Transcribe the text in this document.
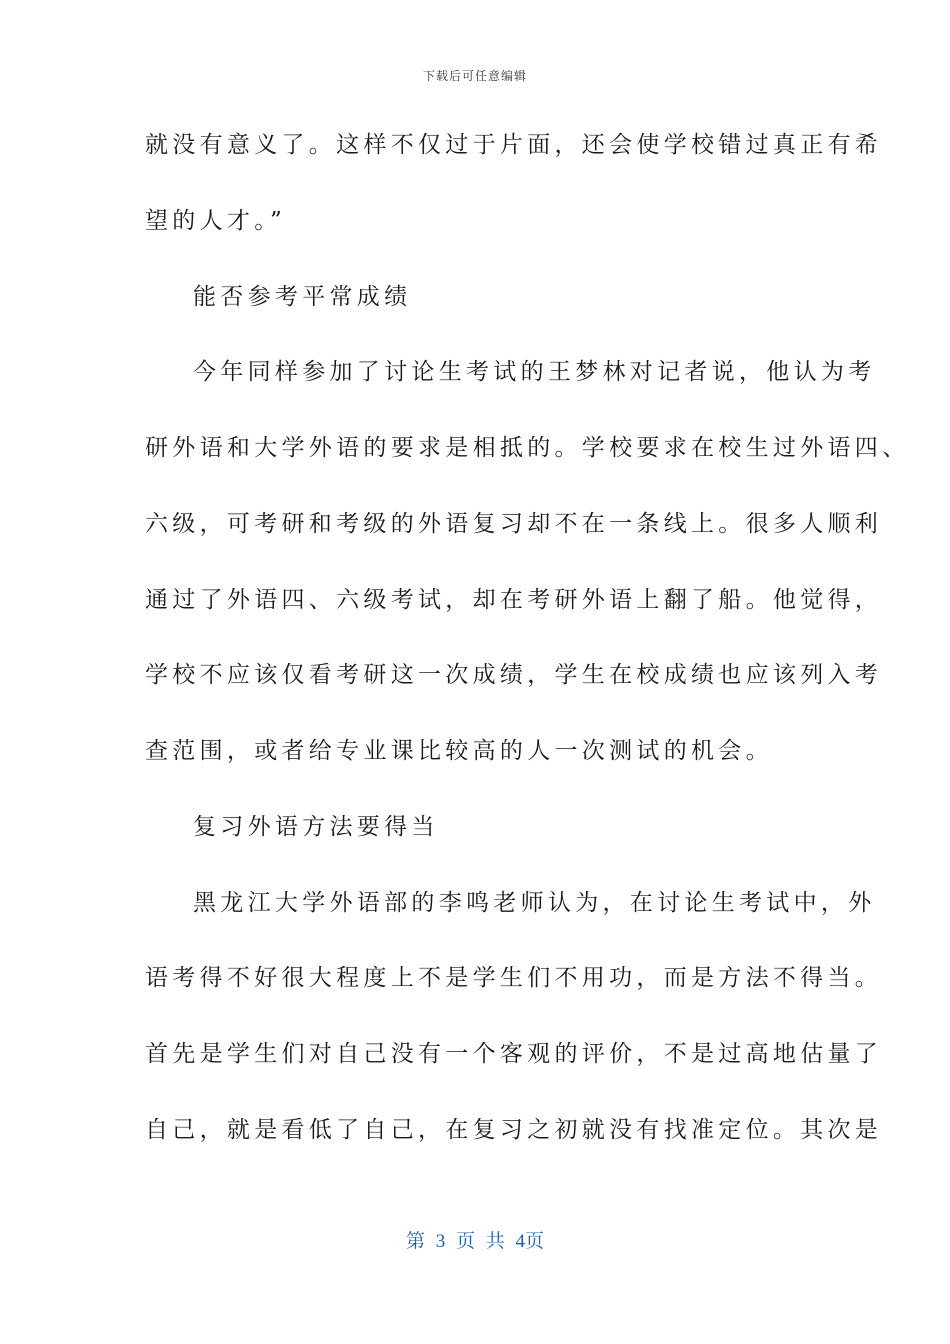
下载后可任意编辑
就没有意义了。这样不仅过于片面，还会使学校错过真正有希
望的人才。”
能否参考平常成绩
今年同样参加了讨论生考试的王梦林对记者说，他认为考
研外语和大学外语的要求是相抵的。学校要求在校生过外语四、
六级，可考研和考级的外语复习却不在一条线上。很多人顺利
通过了外语四、六级考试，却在考研外语上翻了船。他觉得，
学校不应该仅看考研这一次成绩，学生在校成绩也应该列入考
查范围，或者给专业课比较高的人一次测试的机会。
复习外语方法要得当
黑龙江大学外语部的李鸣老师认为，在讨论生考试中，外
语考得不好很大程度上不是学生们不用功，而是方法不得当。
首先是学生们对自己没有一个客观的评价，不是过高地估量了
自己，就是看低了自己，在复习之初就没有找准定位。其次是
第 3 页 共 4页
